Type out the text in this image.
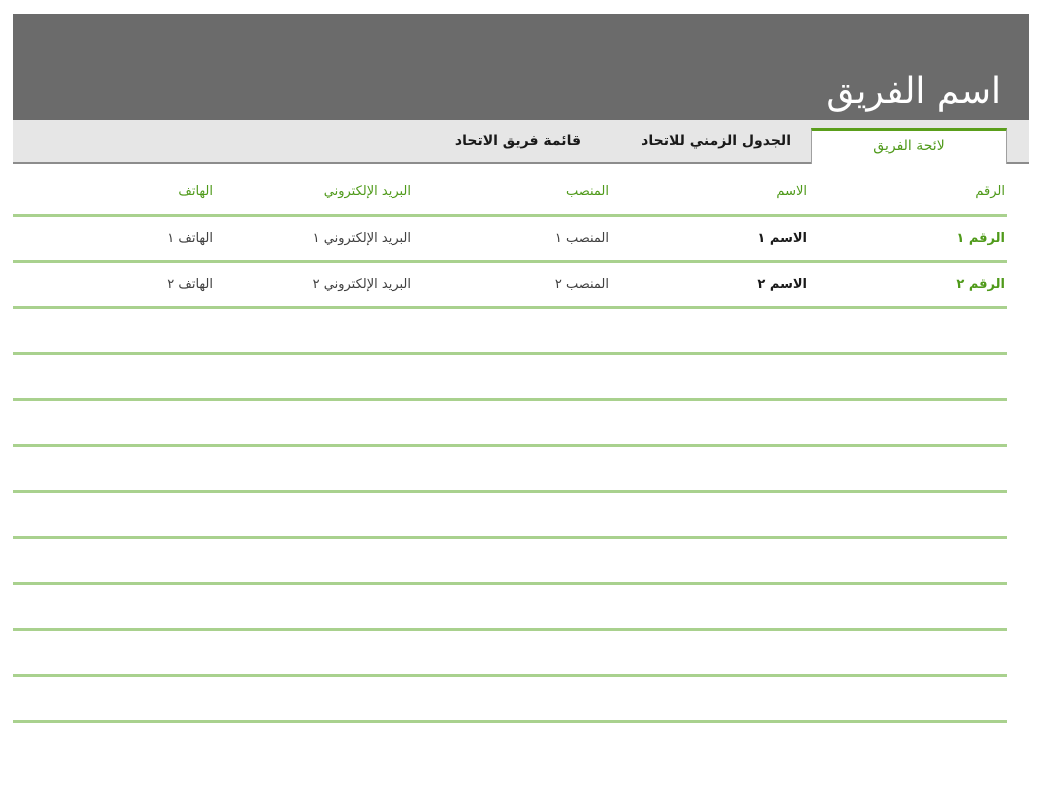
اسم الفريق
لائحة الفريق
الجدول الزمني للاتحاد
قائمة فريق الاتحاد
الرقم
الاسم
المنصب
البريد الإلكتروني
الهاتف
الرقم ١
الاسم ١
المنصب ١
البريد الإلكتروني ١
الهاتف ١
الرقم ٢
الاسم ٢
المنصب ٢
البريد الإلكتروني ٢
الهاتف ٢
